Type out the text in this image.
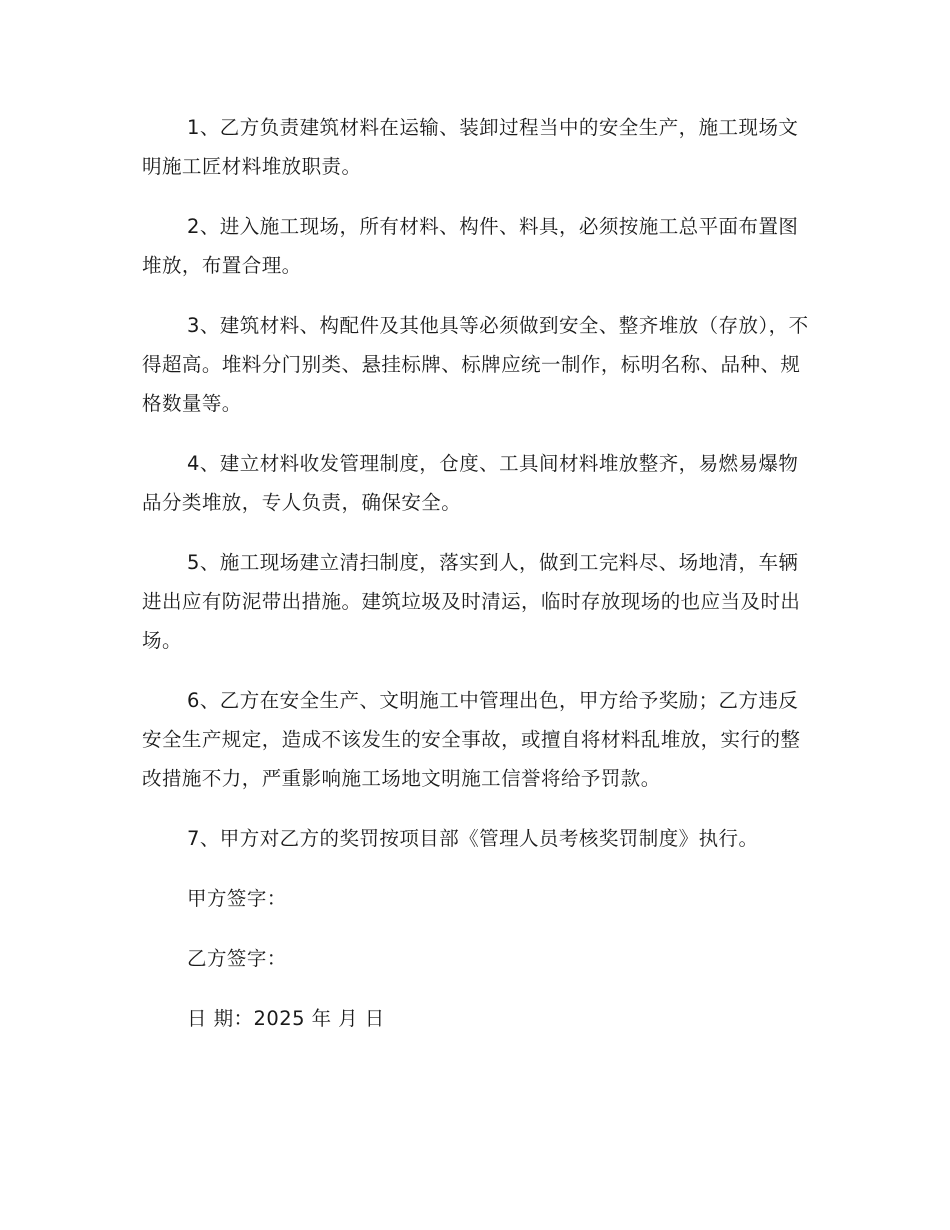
1、乙方负责建筑材料在运输、装卸过程当中的安全生产，施工现场文明施工匠材料堆放职责。

2、进入施工现场，所有材料、构件、料具，必须按施工总平面布置图堆放，布置合理。

3、建筑材料、构配件及其他具等必须做到安全、整齐堆放（存放），不得超高。堆料分门别类、悬挂标牌、标牌应统一制作，标明名称、品种、规格数量等。

4、建立材料收发管理制度，仓度、工具间材料堆放整齐，易燃易爆物品分类堆放，专人负责，确保安全。

5、施工现场建立清扫制度，落实到人，做到工完料尽、场地清，车辆进出应有防泥带出措施。建筑垃圾及时清运，临时存放现场的也应当及时出场。

6、乙方在安全生产、文明施工中管理出色，甲方给予奖励；乙方违反安全生产规定，造成不该发生的安全事故，或擅自将材料乱堆放，实行的整改措施不力，严重影响施工场地文明施工信誉将给予罚款。

7、甲方对乙方的奖罚按项目部《管理人员考核奖罚制度》执行。

甲方签字：

乙方签字：

日 期：2025 年 月 日
